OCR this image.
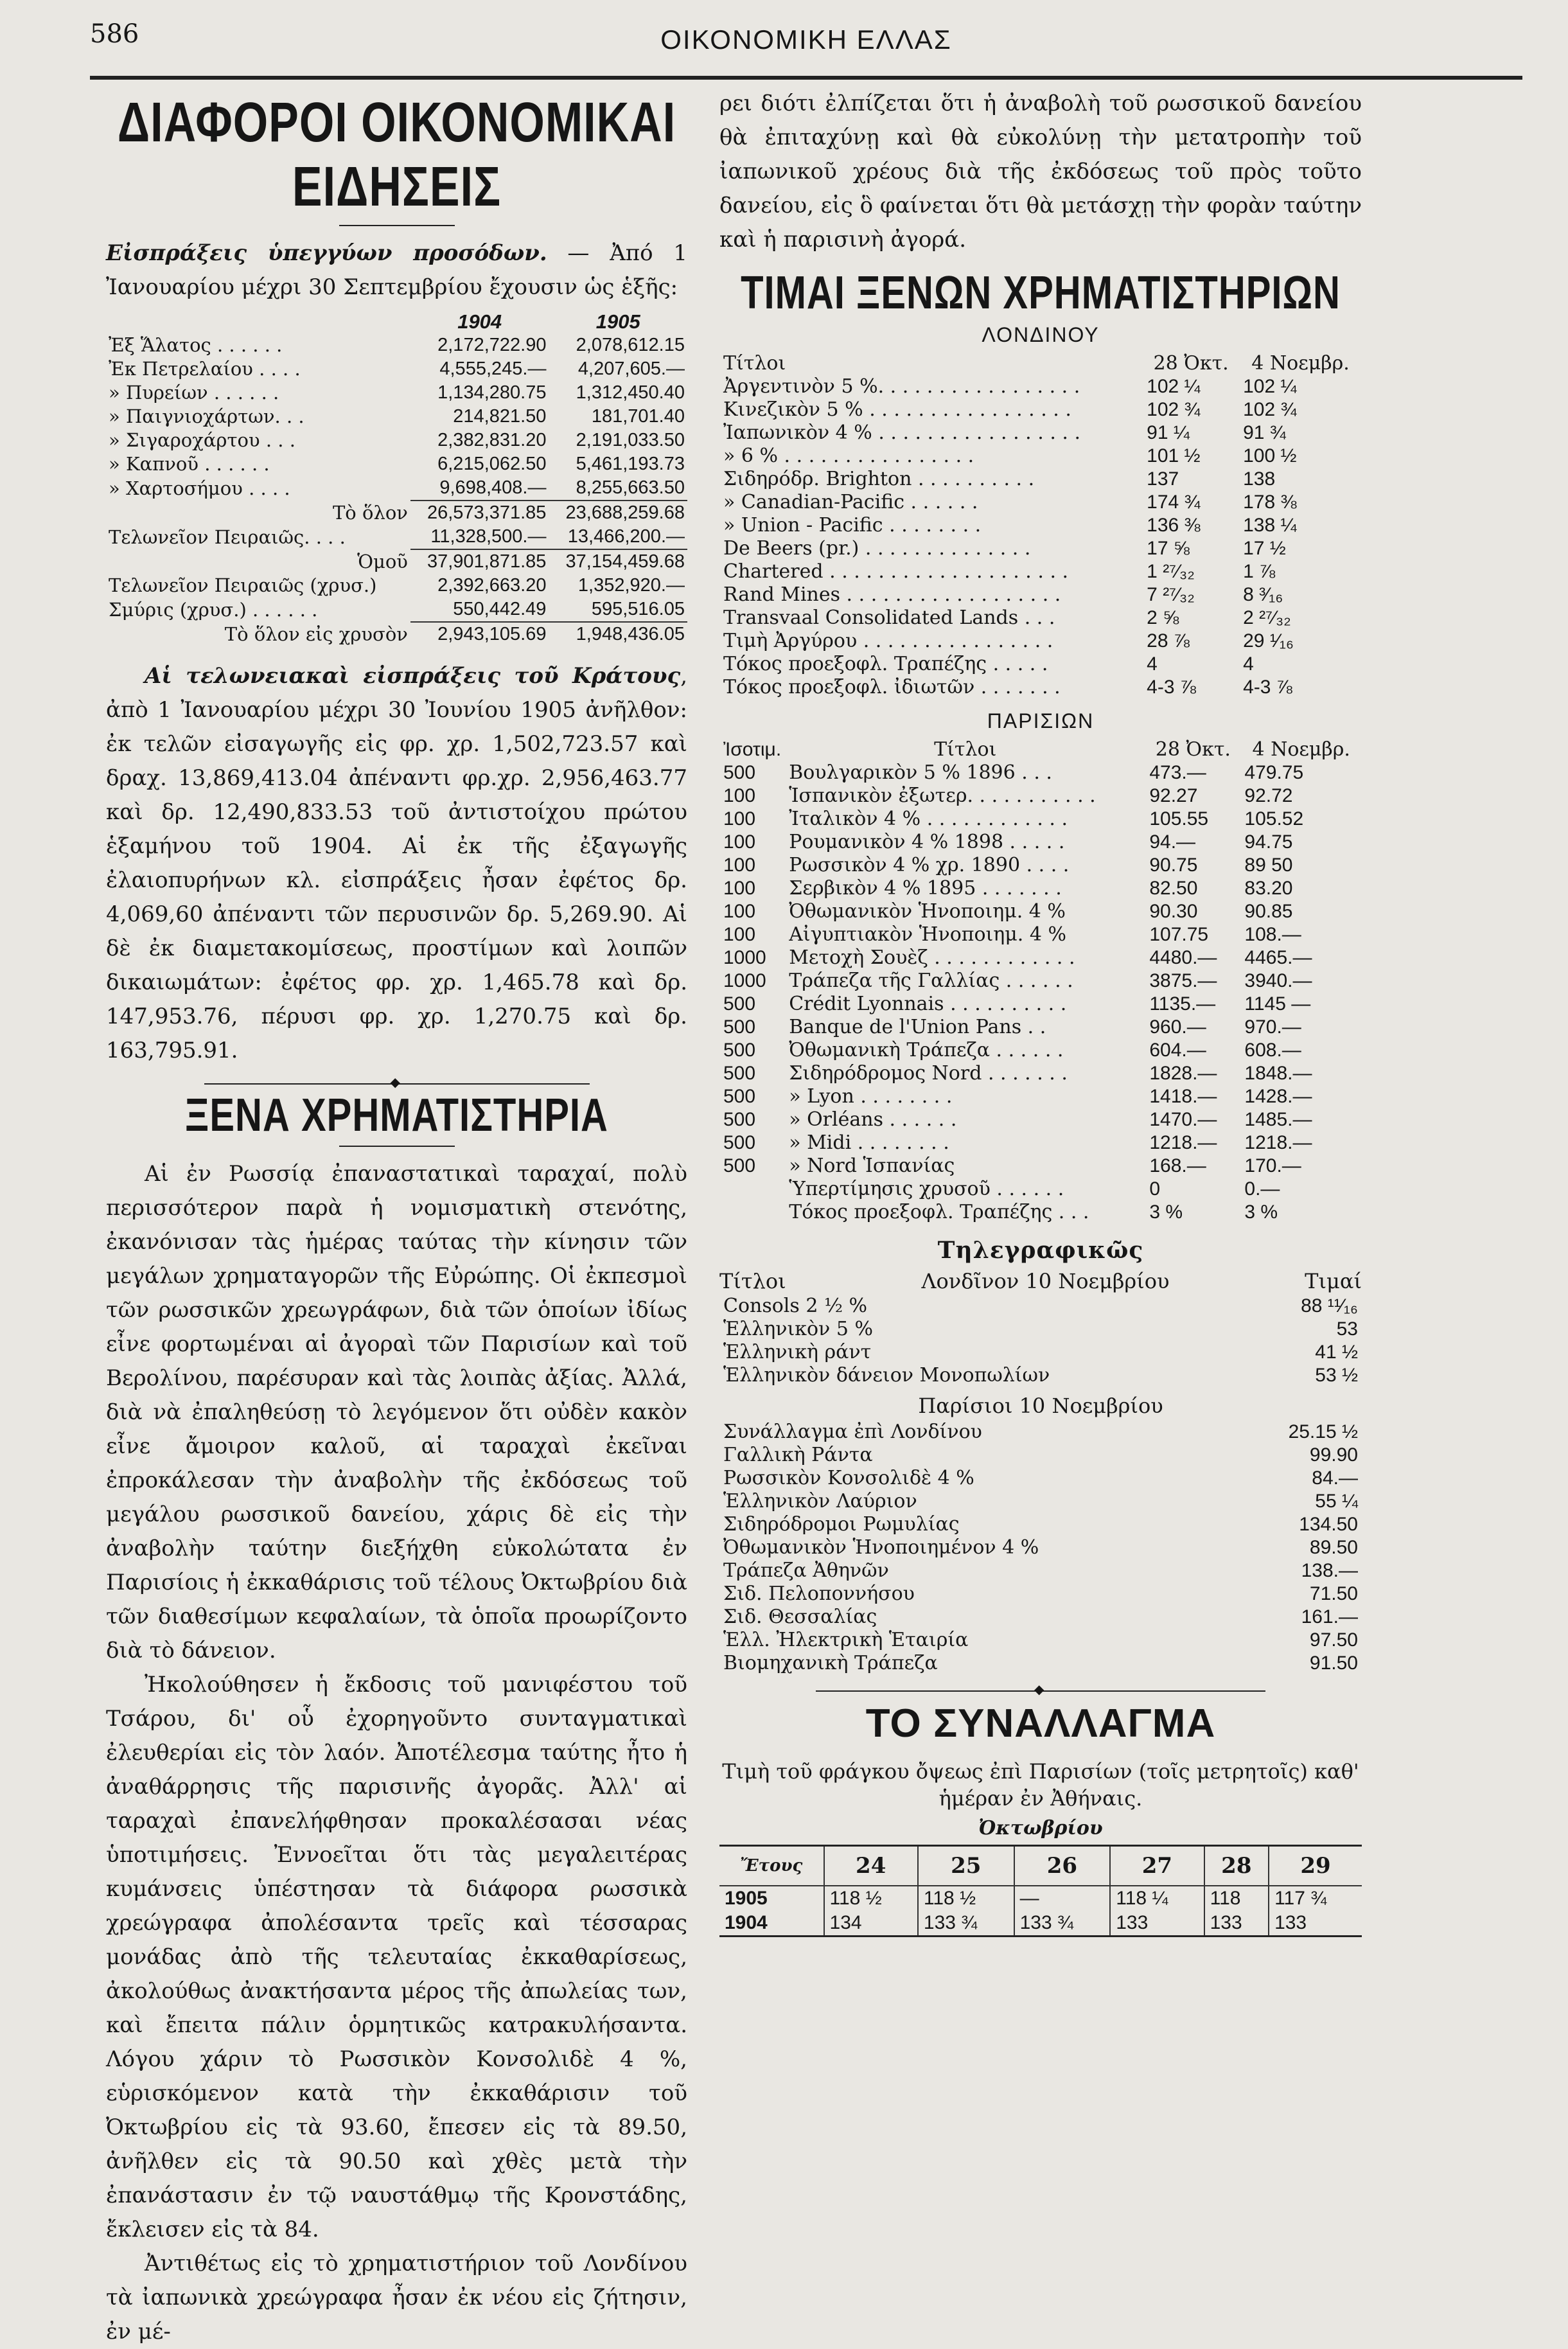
586	ΟΙΚΟΝΟΜΙΚΗ ΕΛΛΑΣ
ΔΙΑΦΟΡΟΙ ΟΙΚΟΝΟΜΙΚΑΙ ΕΙΔΗΣΕΙΣ

Εἰσπράξεις ὑπεγγύων προσόδων. — Ἀπό 1 Ἰανουαρίου μέχρι 30 Σεπτεμβρίου ἔχουσιν ὡς ἑξῆς:

	1904	1905
Ἐξ Ἅλατος . . . . . .	2,172,722.90	2,078,612.15
Ἐκ Πετρελαίου . . . .	4,555,245.—	4,207,605.—
» Πυρείων . . . . . .	1,134,280.75	1,312,450.40
» Παιγνιοχάρτων. . .	214,821.50	181,701.40
» Σιγαροχάρτου . . .	2,382,831.20	2,191,033.50
» Καπνοῦ . . . . . .	6,215,062.50	5,461,193.73
» Χαρτοσήμου . . . .	9,698,408.—	8,255,663.50
Τὸ ὅλον	26,573,371.85	23,688,259.68
Τελωνεῖον Πειραιῶς. . . .	11,328,500.—	13,466,200.—
Ὁμοῦ	37,901,871.85	37,154,459.68
Τελωνεῖον Πειραιῶς (χρυσ.)	2,392,663.20	1,352,920.—
Σμύρις (χρυσ.) . . . . . .	550,442.49	595,516.05
Τὸ ὅλον εἰς χρυσὸν	2,943,105.69	1,948,436.05

Αἱ τελωνειακαὶ εἰσπράξεις τοῦ Κράτους, ἀπὸ 1 Ἰανουαρίου μέχρι 30 Ἰουνίου 1905 ἀνῆλθον: ἐκ τελῶν εἰσαγωγῆς εἰς φρ. χρ. 1,502,723.57 καὶ δραχ. 13,869,413.04 ἀπέναντι φρ.χρ. 2,956,463.77 καὶ δρ. 12,490,833.53 τοῦ ἀντιστοίχου πρώτου ἑξαμήνου τοῦ 1904. Αἱ ἐκ τῆς ἐξαγωγῆς ἐλαιοπυρήνων κλ. εἰσπράξεις ἦσαν ἐφέτος δρ. 4,069,60 ἀπέναντι τῶν περυσινῶν δρ. 5,269.90. Αἱ δὲ ἐκ διαμετακομίσεως, προστίμων καὶ λοιπῶν δικαιωμάτων: ἐφέτος φρ. χρ. 1,465.78 καὶ δρ. 147,953.76, πέρυσι φρ. χρ. 1,270.75 καὶ δρ. 163,795.91.

◆
ΞΕΝΑ ΧΡΗΜΑΤΙΣΤΗΡΙΑ

Αἱ ἐν Ρωσσίᾳ ἐπαναστατικαὶ ταραχαί, πολὺ περισσότερον παρὰ ἡ νομισματικὴ στενότης, ἐκανόνισαν τὰς ἡμέρας ταύτας τὴν κίνησιν τῶν μεγάλων χρηματαγορῶν τῆς Εὐρώπης. Οἱ ἐκπεσμοὶ τῶν ρωσσικῶν χρεωγράφων, διὰ τῶν ὁποίων ἰδίως εἶνε φορτωμέναι αἱ ἀγοραὶ τῶν Παρισίων καὶ τοῦ Βερολίνου, παρέσυραν καὶ τὰς λοιπὰς ἀξίας. Ἀλλά, διὰ νὰ ἐπαληθεύσῃ τὸ λεγόμενον ὅτι οὐδὲν κακὸν εἶνε ἄμοιρον καλοῦ, αἱ ταραχαὶ ἐκεῖναι ἐπροκάλεσαν τὴν ἀναβολὴν τῆς ἐκδόσεως τοῦ μεγάλου ρωσσικοῦ δανείου, χάρις δὲ εἰς τὴν ἀναβολὴν ταύτην διεξήχθη εὐκολώτατα ἐν Παρισίοις ἡ ἐκκαθάρισις τοῦ τέλους Ὀκτωβρίου διὰ τῶν διαθεσίμων κεφαλαίων, τὰ ὁποῖα προωρίζοντο διὰ τὸ δάνειον.

Ἠκολούθησεν ἡ ἔκδοσις τοῦ μανιφέστου τοῦ Τσάρου, δι' οὗ ἐχορηγοῦντο συνταγματικαὶ ἐλευθερίαι εἰς τὸν λαόν. Ἀποτέλεσμα ταύτης ἦτο ἡ ἀναθάρρησις τῆς παρισινῆς ἀγορᾶς. Ἀλλ' αἱ ταραχαὶ ἐπανελήφθησαν προκαλέσασαι νέας ὑποτιμήσεις. Ἐννοεῖται ὅτι τὰς μεγαλειτέρας κυμάνσεις ὑπέστησαν τὰ διάφορα ρωσσικὰ χρεώγραφα ἀπολέσαντα τρεῖς καὶ τέσσαρας μονάδας ἀπὸ τῆς τελευταίας ἐκκαθαρίσεως, ἀκολούθως ἀνακτήσαντα μέρος τῆς ἀπωλείας των, καὶ ἔπειτα πάλιν ὁρμητικῶς κατρακυλήσαντα. Λόγου χάριν τὸ Ρωσσικὸν Κονσολιδὲ 4 %, εὑρισκόμενον κατὰ τὴν ἐκκαθάρισιν τοῦ Ὀκτωβρίου εἰς τὰ 93.60, ἔπεσεν εἰς τὰ 89.50, ἀνῆλθεν εἰς τὰ 90.50 καὶ χθὲς μετὰ τὴν ἐπανάστασιν ἐν τῷ ναυστάθμῳ τῆς Κρονστάδης, ἔκλεισεν εἰς τὰ 84.

Ἀντιθέτως εἰς τὸ χρηματιστήριον τοῦ Λονδίνου τὰ ἰαπωνικὰ χρεώγραφα ἦσαν ἐκ νέου εἰς ζήτησιν, ἐν μέ-

ρει διότι ἐλπίζεται ὅτι ἡ ἀναβολὴ τοῦ ρωσσικοῦ δανείου θὰ ἐπιταχύνῃ καὶ θὰ εὐκολύνῃ τὴν μετατροπὴν τοῦ ἰαπωνικοῦ χρέους διὰ τῆς ἐκδόσεως τοῦ πρὸς τοῦτο δανείου, εἰς ὃ φαίνεται ὅτι θὰ μετάσχῃ τὴν φορὰν ταύτην καὶ ἡ παρισινὴ ἀγορά.

ΤΙΜΑΙ ΞΕΝΩΝ ΧΡΗΜΑΤΙΣΤΗΡΙΩΝ
ΛΟΝΔΙΝΟΥ
Τίτλοι	28 Ὀκτ.	4 Νοεμβρ.
Ἀργεντινὸν 5 %. . . . . . . . . . . . . . . . .	102 ¼	102 ¼
Κινεζικὸν 5 % . . . . . . . . . . . . . . . . .	102 ¾	102 ¾
Ἰαπωνικὸν 4 % . . . . . . . . . . . . . . . . .	91 ¼	91 ¾
» 6 % . . . . . . . . . . . . . . . .	101 ½	100 ½
Σιδηρόδρ. Brighton . . . . . . . . . .	137	138
» Canadian-Pacific . . . . . .	174 ¾	178 ⅜
» Union - Pacific . . . . . . . .	136 ⅜	138 ¼
De Beers (pr.) . . . . . . . . . . . . . .	17 ⅝	17 ½
Chartered . . . . . . . . . . . . . . . . . . . .	1 ²⁷⁄₃₂	1 ⅞
Rand Mines . . . . . . . . . . . . . . . . . .	7 ²⁷⁄₃₂	8 ³⁄₁₆
Transvaal Consolidated Lands . . .	2 ⅝	2 ²⁷⁄₃₂
Τιμὴ Ἀργύρου . . . . . . . . . . . . . . . .	28 ⅞	29 ¹⁄₁₆
Τόκος προεξοφλ. Τραπέζης . . . . .	4	4
Τόκος προεξοφλ. ἰδιωτῶν . . . . . . .	4-3 ⅞	4-3 ⅞
ΠΑΡΙΣΙΩΝ
Ἰσοτιμ.	Τίτλοι	28 Ὀκτ.	4 Νοεμβρ.
500	Βουλγαρικὸν 5 % 1896 . . .	473.—	479.75
100	Ἱσπανικὸν ἐξωτερ. . . . . . . . . . .	92.27	92.72
100	Ἰταλικὸν 4 % . . . . . . . . . . . .	105.55	105.52
100	Ρουμανικὸν 4 % 1898 . . . . .	94.—	94.75
100	Ρωσσικὸν 4 % χρ. 1890 . . . .	90.75	89 50
100	Σερβικὸν 4 % 1895 . . . . . . .	82.50	83.20
100	Ὀθωμανικὸν Ἡνοποιημ. 4 %	90.30	90.85
100	Αἰγυπτιακὸν Ἡνοποιημ. 4 %	107.75	108.—
1000	Μετοχὴ Σουὲζ . . . . . . . . . . . .	4480.—	4465.—
1000	Τράπεζα τῆς Γαλλίας . . . . . .	3875.—	3940.—
500	Crédit Lyonnais . . . . . . . . . .	1135.—	1145 —
500	Banque de l'Union Pans . .	960.—	970.—
500	Ὀθωμανικὴ Τράπεζα . . . . . .	604.—	608.—
500	Σιδηρόδρομος Nord . . . . . . .	1828.—	1848.—
500	» Lyon . . . . . . . .	1418.—	1428.—
500	» Orléans . . . . . .	1470.—	1485.—
500	» Midi . . . . . . . .	1218.—	1218.—
500	» Nord Ἱσπανίας	168.—	170.—
	Ὑπερτίμησις χρυσοῦ . . . . . .	0	0.—
	Τόκος προεξοφλ. Τραπέζης . . .	3 %	3 %
Τηλεγραφικῶς
Τίτλοι	Λονδῖνον 10 Νοεμβρίου	Τιμαί
Consols 2 ½ %	88 ¹¹⁄₁₆
Ἑλληνικὸν 5 %	53
Ἑλληνικὴ ράντ	41 ½
Ἑλληνικὸν δάνειον Μονοπωλίων	53 ½
Παρίσιοι 10 Νοεμβρίου
Συνάλλαγμα ἐπὶ Λονδίνου	25.15 ½
Γαλλικὴ Ράντα	99.90
Ρωσσικὸν Κονσολιδὲ 4 %	84.—
Ἑλληνικὸν Λαύριον	55 ¼
Σιδηρόδρομοι Ρωμυλίας	134.50
Ὀθωμανικὸν Ἡνοποιημένον 4 %	89.50
Τράπεζα Ἀθηνῶν	138.—
Σιδ. Πελοποννήσου	71.50
Σιδ. Θεσσαλίας	161.—
Ἑλλ. Ἠλεκτρικὴ Ἑταιρία	97.50
Βιομηχανικὴ Τράπεζα	91.50
◆
ΤΟ ΣΥΝΑΛΛΑΓΜΑ
Τιμὴ τοῦ φράγκου ὄψεως ἐπὶ Παρισίων (τοῖς μετρητοῖς) καθ' ἡμέραν ἐν Ἀθήναις.
Ὀκτωβρίου
Ἔτους	24	25	26	27	28	29
1905	118 ½	118 ½	—	118 ¼	118	117 ¾
1904	134	133 ¾	133 ¾	133	133	133
